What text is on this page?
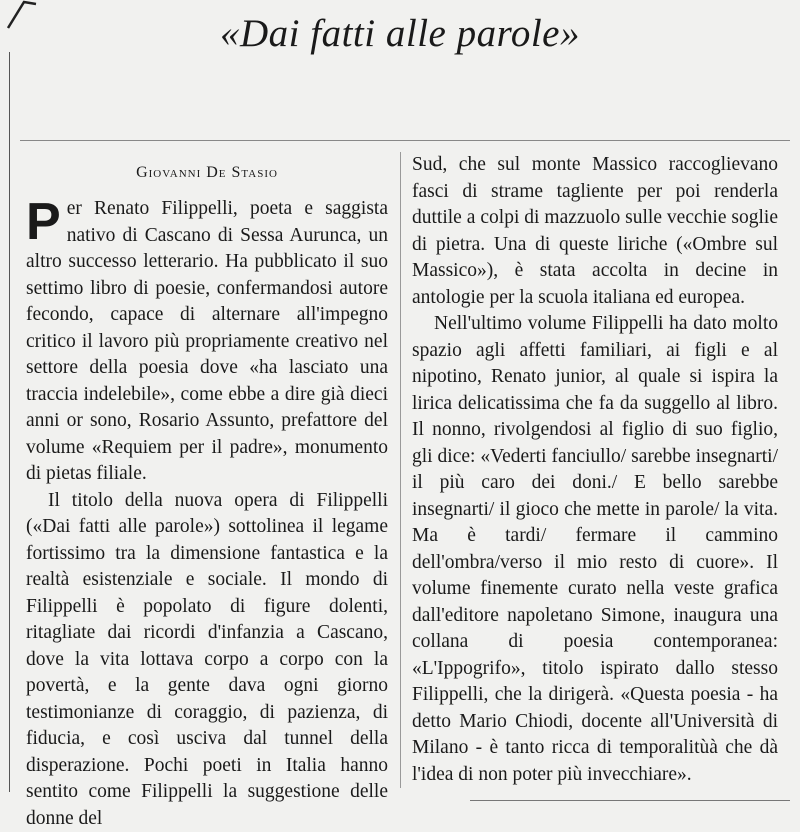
«Dai fatti alle parole»
Giovanni De Stasio

Per Renato Filippelli, poeta e saggista nativo di Cascano di Sessa Aurunca, un altro successo letterario. Ha pubblicato il suo settimo libro di poesie, confermandosi autore fecondo, capace di alternare all'impegno critico il lavoro più propriamente creativo nel settore della poesia dove «ha lasciato una traccia indelebile», come ebbe a dire già dieci anni or sono, Rosario Assunto, prefattore del volume «Requiem per il padre», monumento di pietas filiale.

Il titolo della nuova opera di Filippelli («Dai fatti alle parole») sottolinea il legame fortissimo tra la dimensione fantastica e la realtà esistenziale e sociale. Il mondo di Filippelli è popolato di figure dolenti, ritagliate dai ricordi d'infanzia a Cascano, dove la vita lottava corpo a corpo con la povertà, e la gente dava ogni giorno testimonianze di coraggio, di pazienza, di fiducia, e così usciva dal tunnel della disperazione. Pochi poeti in Italia hanno sentito come Filippelli la suggestione delle donne del

Sud, che sul monte Massico raccoglievano fasci di strame tagliente per poi renderla duttile a colpi di mazzuolo sulle vecchie soglie di pietra. Una di queste liriche («Ombre sul Massico»), è stata accolta in decine in antologie per la scuola italiana ed europea.

Nell'ultimo volume Filippelli ha dato molto spazio agli affetti familiari, ai figli e al nipotino, Renato junior, al quale si ispira la lirica delicatissima che fa da suggello al libro. Il nonno, rivolgendosi al figlio di suo figlio, gli dice: «Vederti fanciullo/ sarebbe insegnarti/ il più caro dei doni./ E bello sarebbe insegnarti/ il gioco che mette in parole/ la vita. Ma è tardi/ fermare il cammino dell'ombra/verso il mio resto di cuore». Il volume finemente curato nella veste grafica dall'editore napoletano Simone, inaugura una collana di poesia contemporanea: «L'Ippogrifo», titolo ispirato dallo stesso Filippelli, che la dirigerà. «Questa poesia - ha detto Mario Chiodi, docente all'Università di Milano - è tanto ricca di temporalitùà che dà l'idea di non poter più invecchiare».
